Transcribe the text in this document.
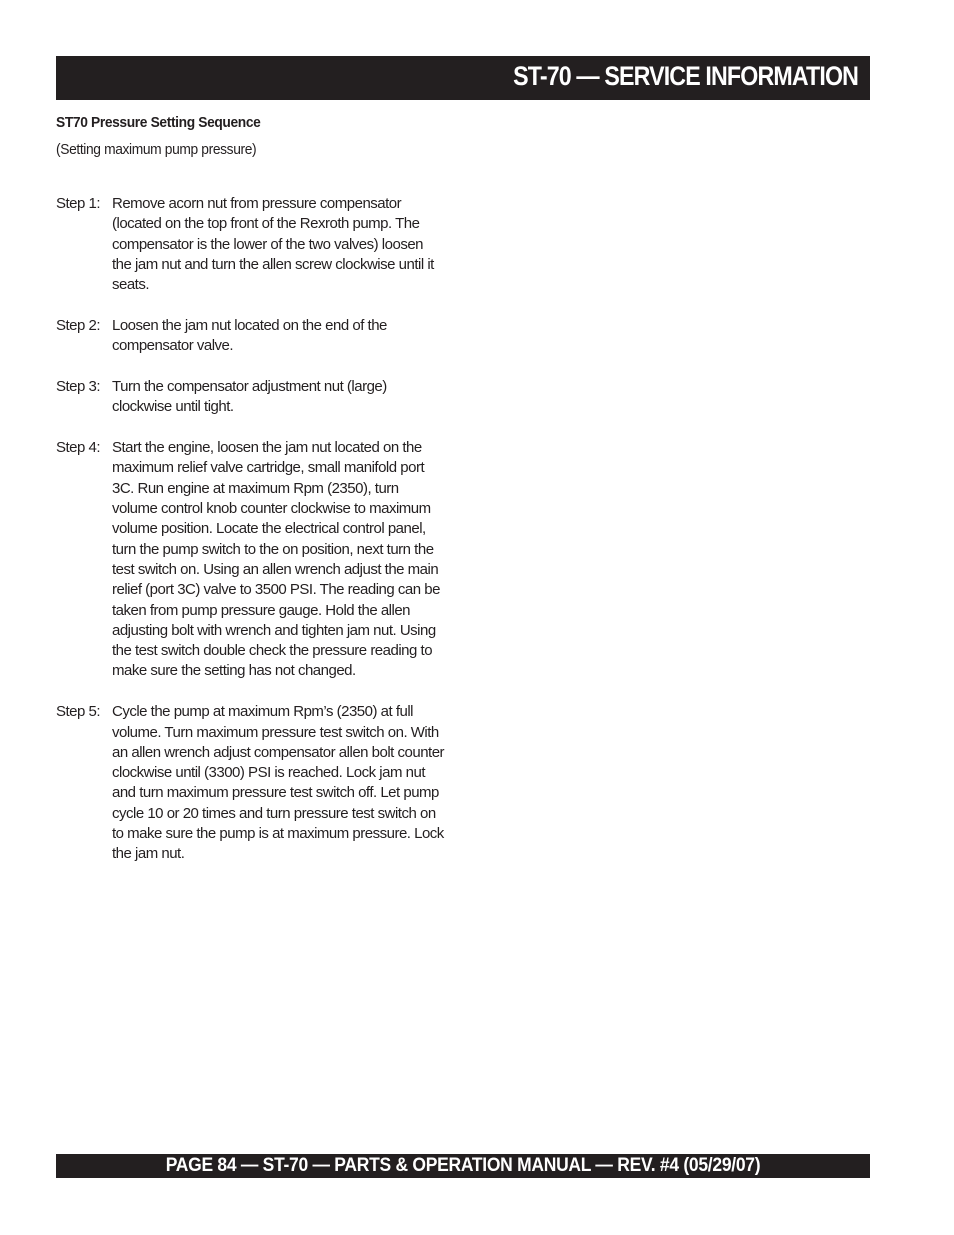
ST-70 — SERVICE INFORMATION
ST70 Pressure Setting Sequence
(Setting maximum pump pressure)
Step 1: Remove acorn nut from pressure compensator (located on the top front of the Rexroth pump. The compensator is the lower of the two valves) loosen the jam nut and turn the allen screw clockwise until it seats.
Step 2: Loosen the jam nut located on the end of the compensator valve.
Step 3: Turn the compensator adjustment nut (large) clockwise until tight.
Step 4: Start the engine, loosen the jam nut located on the maximum relief valve cartridge, small manifold port 3C. Run engine at maximum Rpm (2350), turn volume control knob counter clockwise to maximum volume position. Locate the electrical control panel, turn the pump switch to the on position, next turn the test switch on. Using an allen wrench adjust the main relief (port 3C) valve to 3500 PSI. The reading can be taken from pump pressure gauge. Hold the allen adjusting bolt with wrench and tighten jam nut. Using the test switch double check the pressure reading to make sure the setting has not changed.
Step 5: Cycle the pump at maximum Rpm’s (2350) at full volume. Turn maximum pressure test switch on. With an allen wrench adjust compensator allen bolt counter clockwise until (3300) PSI is reached. Lock jam nut and turn maximum pressure test switch off. Let pump cycle 10 or 20 times and turn pressure test switch on to make sure the pump is at maximum pressure. Lock the jam nut.
PAGE 84 — ST-70 — PARTS & OPERATION MANUAL — REV. #4 (05/29/07)
